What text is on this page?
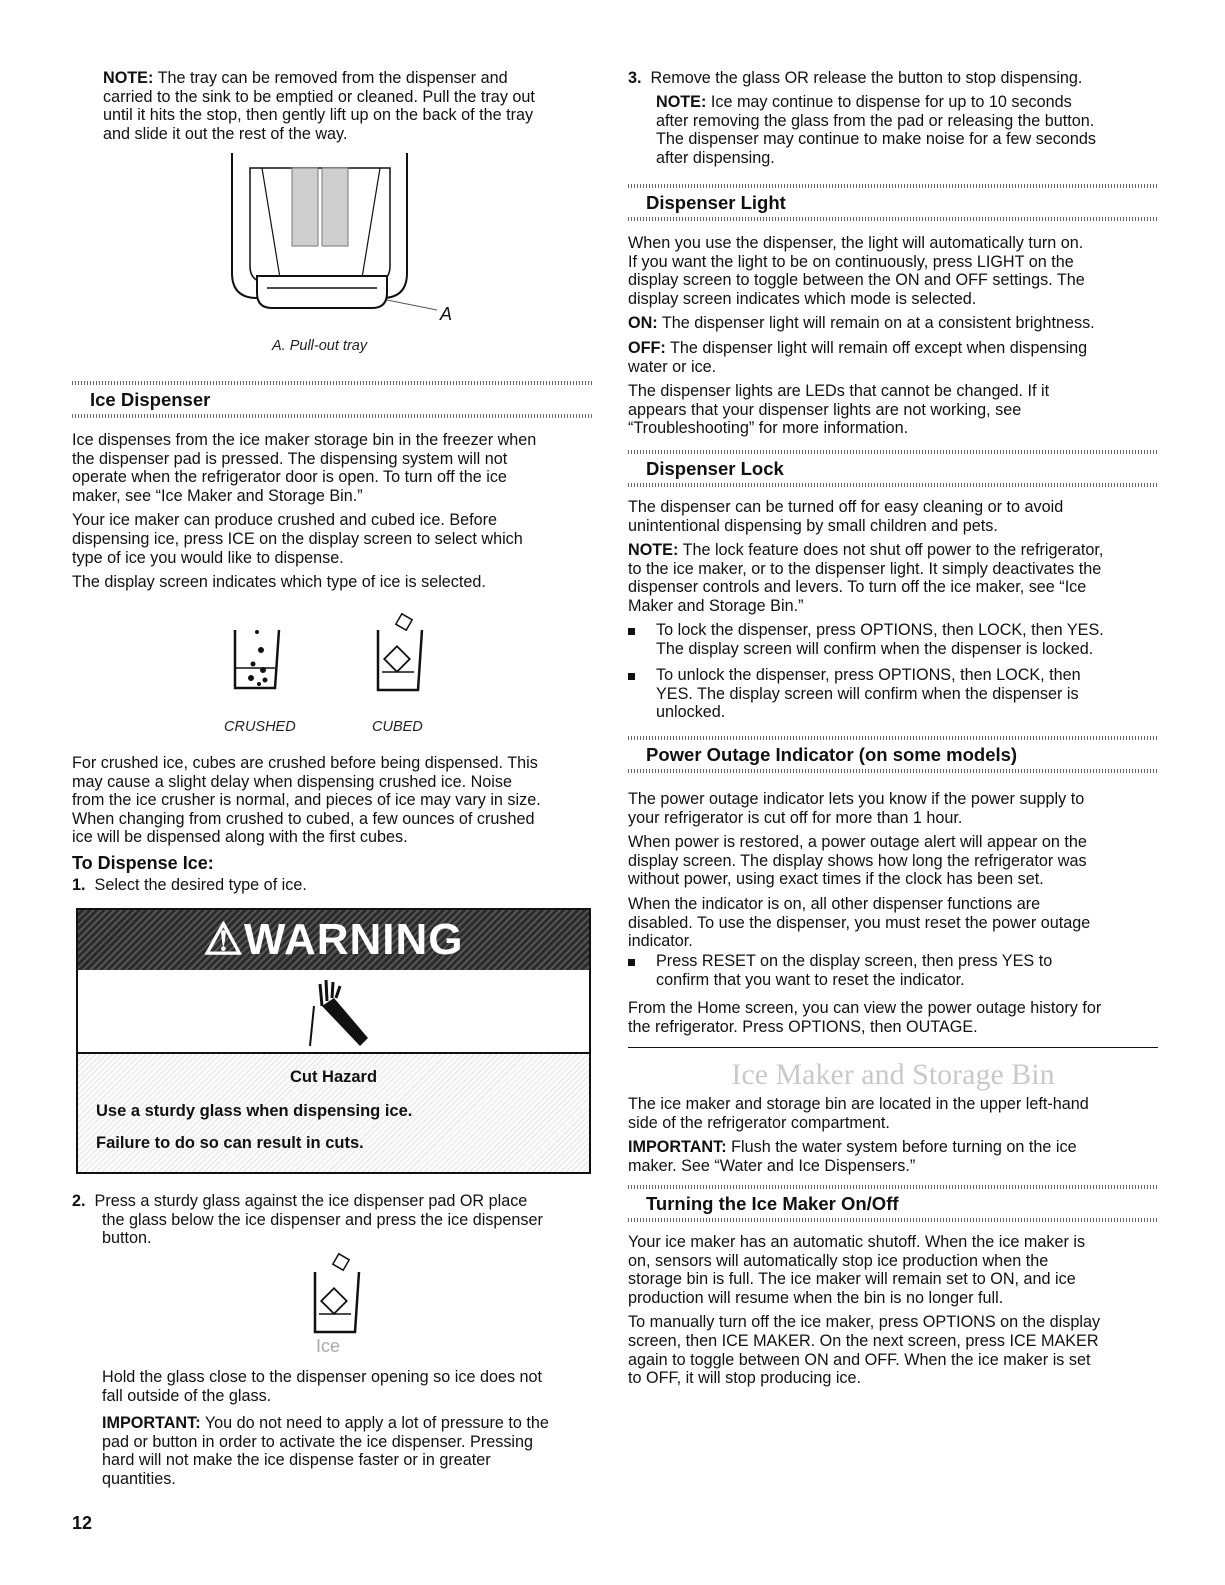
NOTE: The tray can be removed from the dispenser and

carried to the sink to be emptied or cleaned. Pull the tray out

until it hits the stop, then gently lift up on the back of the tray

and slide it out the rest of the way.

A
A. Pull-out tray
Ice Dispenser

Ice dispenses from the ice maker storage bin in the freezer when

the dispenser pad is pressed. The dispensing system will not

operate when the refrigerator door is open. To turn off the ice

maker, see “Ice Maker and Storage Bin.”

Your ice maker can produce crushed and cubed ice. Before

dispensing ice, press ICE on the display screen to select which

type of ice you would like to dispense.

The display screen indicates which type of ice is selected.

CRUSHED	CUBED

For crushed ice, cubes are crushed before being dispensed. This

may cause a slight delay when dispensing crushed ice. Noise

from the ice crusher is normal, and pieces of ice may vary in size.

When changing from crushed to cubed, a few ounces of crushed

ice will be dispensed along with the first cubes.

To Dispense Ice:

1. Select the desired type of ice.

⚠WARNING
Cut Hazard
Use a sturdy glass when dispensing ice.
Failure to do so can result in cuts.

2. Press a sturdy glass against the ice dispenser pad OR place

the glass below the ice dispenser and press the ice dispenser

button.

Ice

Hold the glass close to the dispenser opening so ice does not

fall outside of the glass.

IMPORTANT: You do not need to apply a lot of pressure to the

pad or button in order to activate the ice dispenser. Pressing

hard will not make the ice dispense faster or in greater

quantities.

12

3. Remove the glass OR release the button to stop dispensing.

NOTE: Ice may continue to dispense for up to 10 seconds

after removing the glass from the pad or releasing the button.

The dispenser may continue to make noise for a few seconds

after dispensing.

Dispenser Light

When you use the dispenser, the light will automatically turn on.

If you want the light to be on continuously, press LIGHT on the

display screen to toggle between the ON and OFF settings. The

display screen indicates which mode is selected.

ON: The dispenser light will remain on at a consistent brightness.

OFF: The dispenser light will remain off except when dispensing

water or ice.

The dispenser lights are LEDs that cannot be changed. If it

appears that your dispenser lights are not working, see

“Troubleshooting” for more information.

Dispenser Lock

The dispenser can be turned off for easy cleaning or to avoid

unintentional dispensing by small children and pets.

NOTE: The lock feature does not shut off power to the refrigerator,

to the ice maker, or to the dispenser light. It simply deactivates the

dispenser controls and levers. To turn off the ice maker, see “Ice

Maker and Storage Bin.”

To lock the dispenser, press OPTIONS, then LOCK, then YES.

The display screen will confirm when the dispenser is locked.

To unlock the dispenser, press OPTIONS, then LOCK, then

YES. The display screen will confirm when the dispenser is

unlocked.

Power Outage Indicator (on some models)

The power outage indicator lets you know if the power supply to

your refrigerator is cut off for more than 1 hour.

When power is restored, a power outage alert will appear on the

display screen. The display shows how long the refrigerator was

without power, using exact times if the clock has been set.

When the indicator is on, all other dispenser functions are

disabled. To use the dispenser, you must reset the power outage

indicator.

Press RESET on the display screen, then press YES to

confirm that you want to reset the indicator.

From the Home screen, you can view the power outage history for

the refrigerator. Press OPTIONS, then OUTAGE.

Ice Maker and Storage Bin

The ice maker and storage bin are located in the upper left-hand

side of the refrigerator compartment.

IMPORTANT: Flush the water system before turning on the ice

maker. See “Water and Ice Dispensers.”

Turning the Ice Maker On/Off

Your ice maker has an automatic shutoff. When the ice maker is

on, sensors will automatically stop ice production when the

storage bin is full. The ice maker will remain set to ON, and ice

production will resume when the bin is no longer full.

To manually turn off the ice maker, press OPTIONS on the display

screen, then ICE MAKER. On the next screen, press ICE MAKER

again to toggle between ON and OFF. When the ice maker is set

to OFF, it will stop producing ice.
